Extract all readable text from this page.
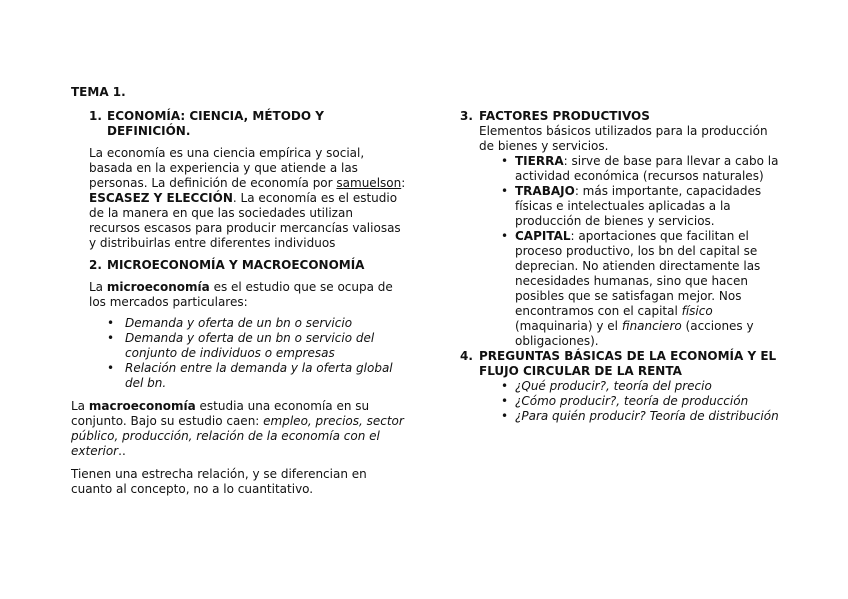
TEMA 1.

1. ECONOMÍA: CIENCIA, MÉTODO Y DEFINICIÓN.

La economía es una ciencia empírica y social, basada en la experiencia y que atiende a las personas. La definición de economía por samuelson: ESCASEZ Y ELECCIÓN. La economía es el estudio de la manera en que las sociedades utilizan recursos escasos para producir mercancías valiosas y distribuirlas entre diferentes individuos

2. MICROECONOMÍA Y MACROECONOMÍA

La microeconomía es el estudio que se ocupa de los mercados particulares:

• Demanda y oferta de un bn o servicio
• Demanda y oferta de un bn o servicio del conjunto de individuos o empresas
• Relación entre la demanda y la oferta global del bn.

La macroeconomía estudia una economía en su conjunto. Bajo su estudio caen: empleo, precios, sector público, producción, relación de la economía con el exterior..

Tienen una estrecha relación, y se diferencian en cuanto al concepto, no a lo cuantitativo.

3. FACTORES PRODUCTIVOS

Elementos básicos utilizados para la producción de bienes y servicios.

• TIERRA: sirve de base para llevar a cabo la actividad económica (recursos naturales)
• TRABAJO: más importante, capacidades físicas e intelectuales aplicadas a la producción de bienes y servicios.
• CAPITAL: aportaciones que facilitan el proceso productivo, los bn del capital se deprecian. No atienden directamente las necesidades humanas, sino que hacen posibles que se satisfagan mejor. Nos encontramos con el capital físico (maquinaria) y el financiero (acciones y obligaciones).

4. PREGUNTAS BÁSICAS DE LA ECONOMÍA Y EL FLUJO CIRCULAR DE LA RENTA

• ¿Qué producir?, teoría del precio
• ¿Cómo producir?, teoría de producción
• ¿Para quién producir? Teoría de distribución
